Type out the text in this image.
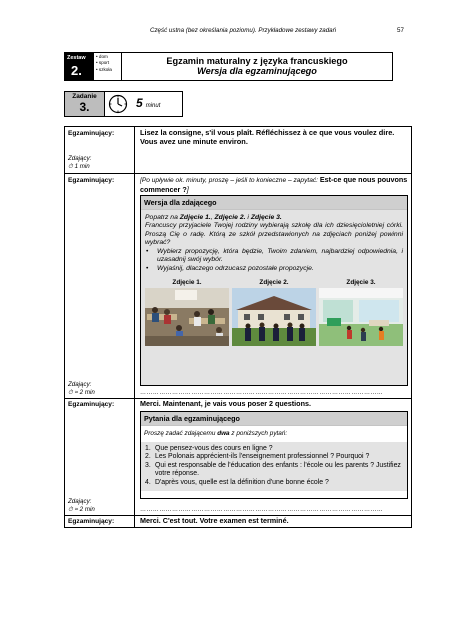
Część ustna (bez określania poziomu). Przykładowe zestawy zadań	57
Zestaw
2.
• dom
• sport
• szkoła
Egzamin maturalny z języka francuskiego
Wersja dla egzaminującego
Zadanie
3.	5 minut
Egzaminujący:	Lisez la consigne, s'il vous plaît. Réfléchissez à ce que vous voulez dire. Vous avez une minute environ.
Zdający:
⏱ 1 min
Egzaminujący:	[Po upływie ok. minuty, proszę – jeśli to konieczne – zapytać: Est-ce que nous pouvons commencer ?]
Wersja dla zdającego
Popatrz na Zdjęcie 1., Zdjęcie 2. i Zdjęcie 3.
Francuscy przyjaciele Twojej rodziny wybierają szkołę dla ich dziesięcioletniej córki. Proszą Cię o radę. Którą ze szkół przedstawionych na zdjęciach poniżej powinni wybrać?
• Wybierz propozycję, która będzie, Twoim zdaniem, najbardziej odpowiednia, i uzasadnij swój wybór.
• Wyjaśnij, dlaczego odrzucasz pozostałe propozycje.
Zdjęcie 1.	Zdjęcie 2.	Zdjęcie 3.
Zdający:
⏱ ≈ 2 min	……………………………………………………………………………………………………
Egzaminujący:	Merci. Maintenant, je vais vous poser 2 questions.
Pytania dla egzaminującego
Proszę zadać zdającemu dwa z poniższych pytań:
1. Que pensez-vous des cours en ligne ?
2. Les Polonais apprécient-ils l'enseignement professionnel ? Pourquoi ?
3. Qui est responsable de l'éducation des enfants : l'école ou les parents ? Justifiez votre réponse.
4. D'après vous, quelle est la définition d'une bonne école ?
Zdający:
⏱ ≈ 2 min	……………………………………………………………………………………………………
Egzaminujący:	Merci. C'est tout. Votre examen est terminé.
